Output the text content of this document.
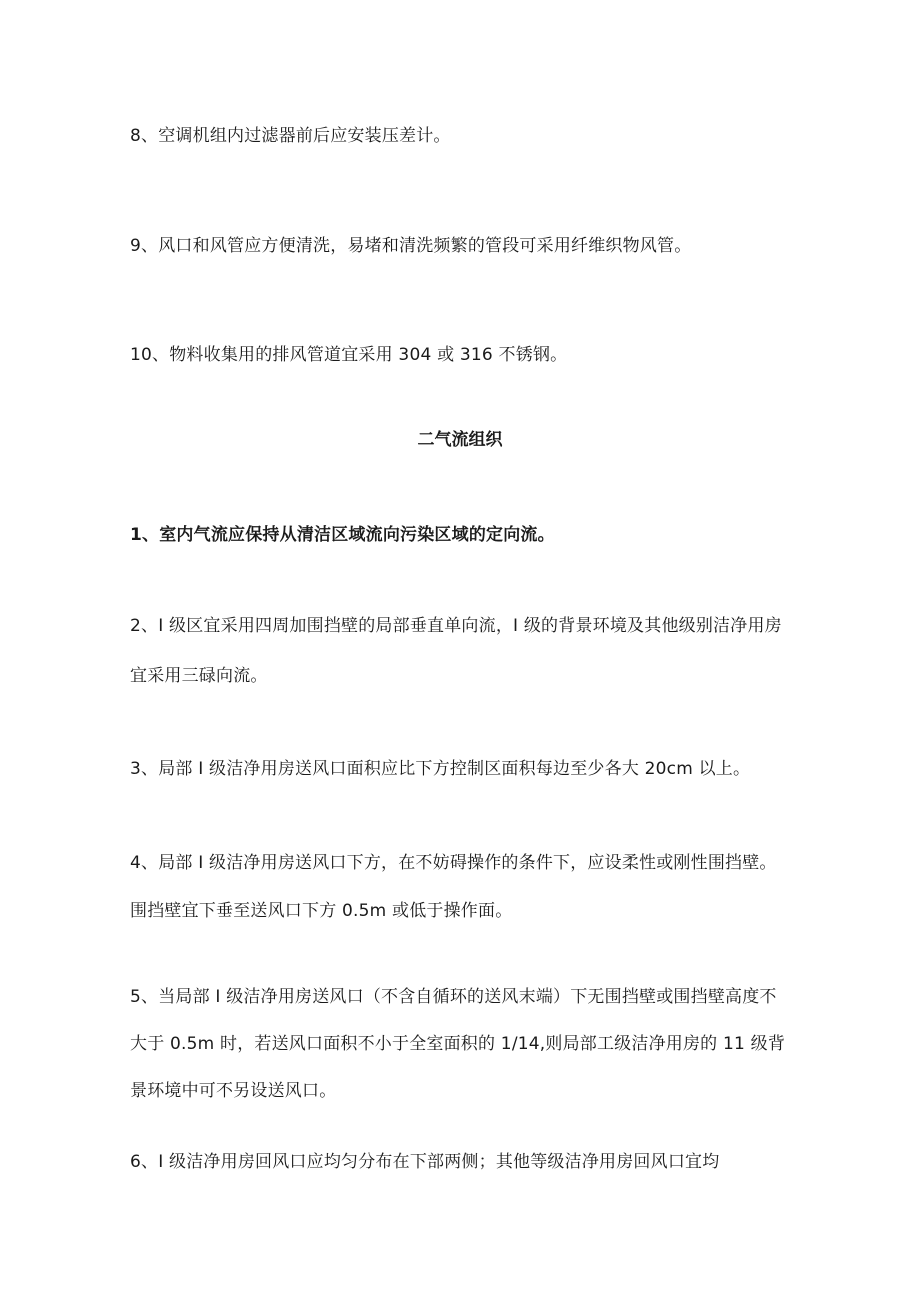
8、空调机组内过滤器前后应安装压差计。
9、风口和风管应方便清洗，易堵和清洗频繁的管段可采用纤维织物风管。
10、物料收集用的排风管道宜采用 304 或 316 不锈钢。
二气流组织
1、室内气流应保持从清洁区域流向污染区域的定向流。
2、I 级区宜采用四周加围挡壁的局部垂直单向流，I 级的背景环境及其他级别洁净用房
宜采用三碌向流。
3、局部 I 级洁净用房送风口面积应比下方控制区面积每边至少各大 20cm 以上。
4、局部 I 级洁净用房送风口下方，在不妨碍操作的条件下，应设柔性或刚性围挡壁。
围挡壁宜下垂至送风口下方 0.5m 或低于操作面。
5、当局部 I 级洁净用房送风口（不含自循环的送风末端）下无围挡壁或围挡壁高度不
大于 0.5m 时，若送风口面积不小于全室面积的 1/14,则局部工级洁净用房的 11 级背
景环境中可不另设送风口。
6、I 级洁净用房回风口应均匀分布在下部两侧；其他等级洁净用房回风口宜均
